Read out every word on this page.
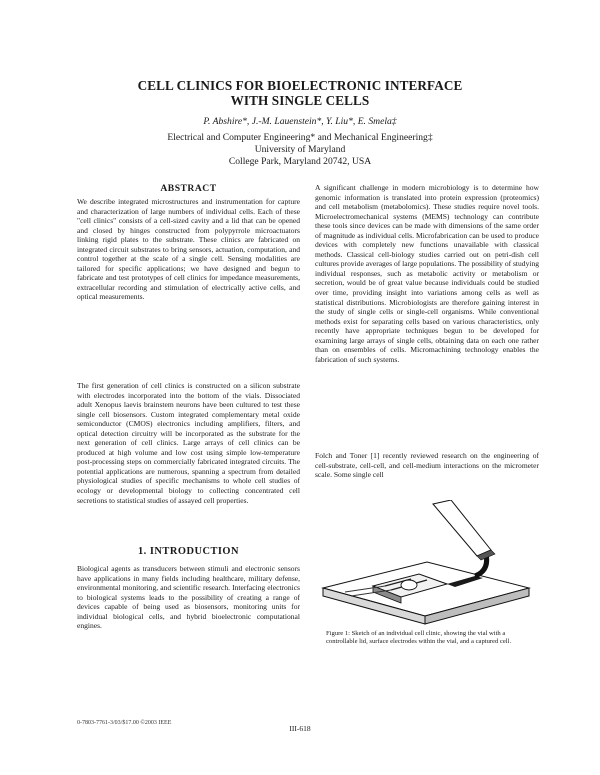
CELL CLINICS FOR BIOELECTRONIC INTERFACE
WITH SINGLE CELLS
P. Abshire*, J.-M. Lauenstein*, Y. Liu*, E. Smela‡
Electrical and Computer Engineering* and Mechanical Engineering‡
University of Maryland
College Park, Maryland 20742, USA
ABSTRACT

We describe integrated microstructures and instrumentation for capture and characterization of large numbers of individual cells. Each of these "cell clinics" consists of a cell-sized cavity and a lid that can be opened and closed by hinges constructed from polypyrrole microactuators linking rigid plates to the substrate. These clinics are fabricated on integrated circuit substrates to bring sensors, actuation, computation, and control together at the scale of a single cell. Sensing modalities are tailored for specific applications; we have designed and begun to fabricate and test prototypes of cell clinics for impedance measurements, extracellular recording and stimulation of electrically active cells, and optical measurements.

The first generation of cell clinics is constructed on a silicon substrate with electrodes incorporated into the bottom of the vials. Dissociated adult Xenopus laevis brainstem neurons have been cultured to test these single cell biosensors. Custom integrated complementary metal oxide semiconductor (CMOS) electronics including amplifiers, filters, and optical detection circuitry will be incorporated as the substrate for the next generation of cell clinics. Large arrays of cell clinics can be produced at high volume and low cost using simple low-temperature post-processing steps on commercially fabricated integrated circuits. The potential applications are numerous, spanning a spectrum from detailed physiological studies of specific mechanisms to whole cell studies of ecology or developmental biology to collecting concentrated cell secretions to statistical studies of assayed cell properties.

1. INTRODUCTION

Biological agents as transducers between stimuli and electronic sensors have applications in many fields including healthcare, military defense, environmental monitoring, and scientific research. Interfacing electronics to biological systems leads to the possibility of creating a range of devices capable of being used as biosensors, monitoring units for individual biological cells, and hybrid bioelectronic computational engines.

A significant challenge in modern microbiology is to determine how genomic information is translated into protein expression (proteomics) and cell metabolism (metabolomics). These studies require novel tools. Microelectromechanical systems (MEMS) technology can contribute these tools since devices can be made with dimensions of the same order of magnitude as individual cells. Microfabrication can be used to produce devices with completely new functions unavailable with classical methods. Classical cell-biology studies carried out on petri-dish cell cultures provide averages of large populations. The possibility of studying individual responses, such as metabolic activity or metabolism or secretion, would be of great value because individuals could be studied over time, providing insight into variations among cells as well as statistical distributions. Microbiologists are therefore gaining interest in the study of single cells or single-cell organisms. While conventional methods exist for separating cells based on various characteristics, only recently have appropriate techniques begun to be developed for examining large arrays of single cells, obtaining data on each one rather than on ensembles of cells. Micromachining technology enables the fabrication of such systems.

Folch and Toner [1] recently reviewed research on the engineering of cell-substrate, cell-cell, and cell-medium interactions on the micrometer scale. Some single cell

Figure 1: Sketch of an individual cell clinic, showing the vial with a controllable lid, surface electrodes within the vial, and a captured cell.
0-7803-7761-3/03/$17.00 ©2003 IEEE
III-618
